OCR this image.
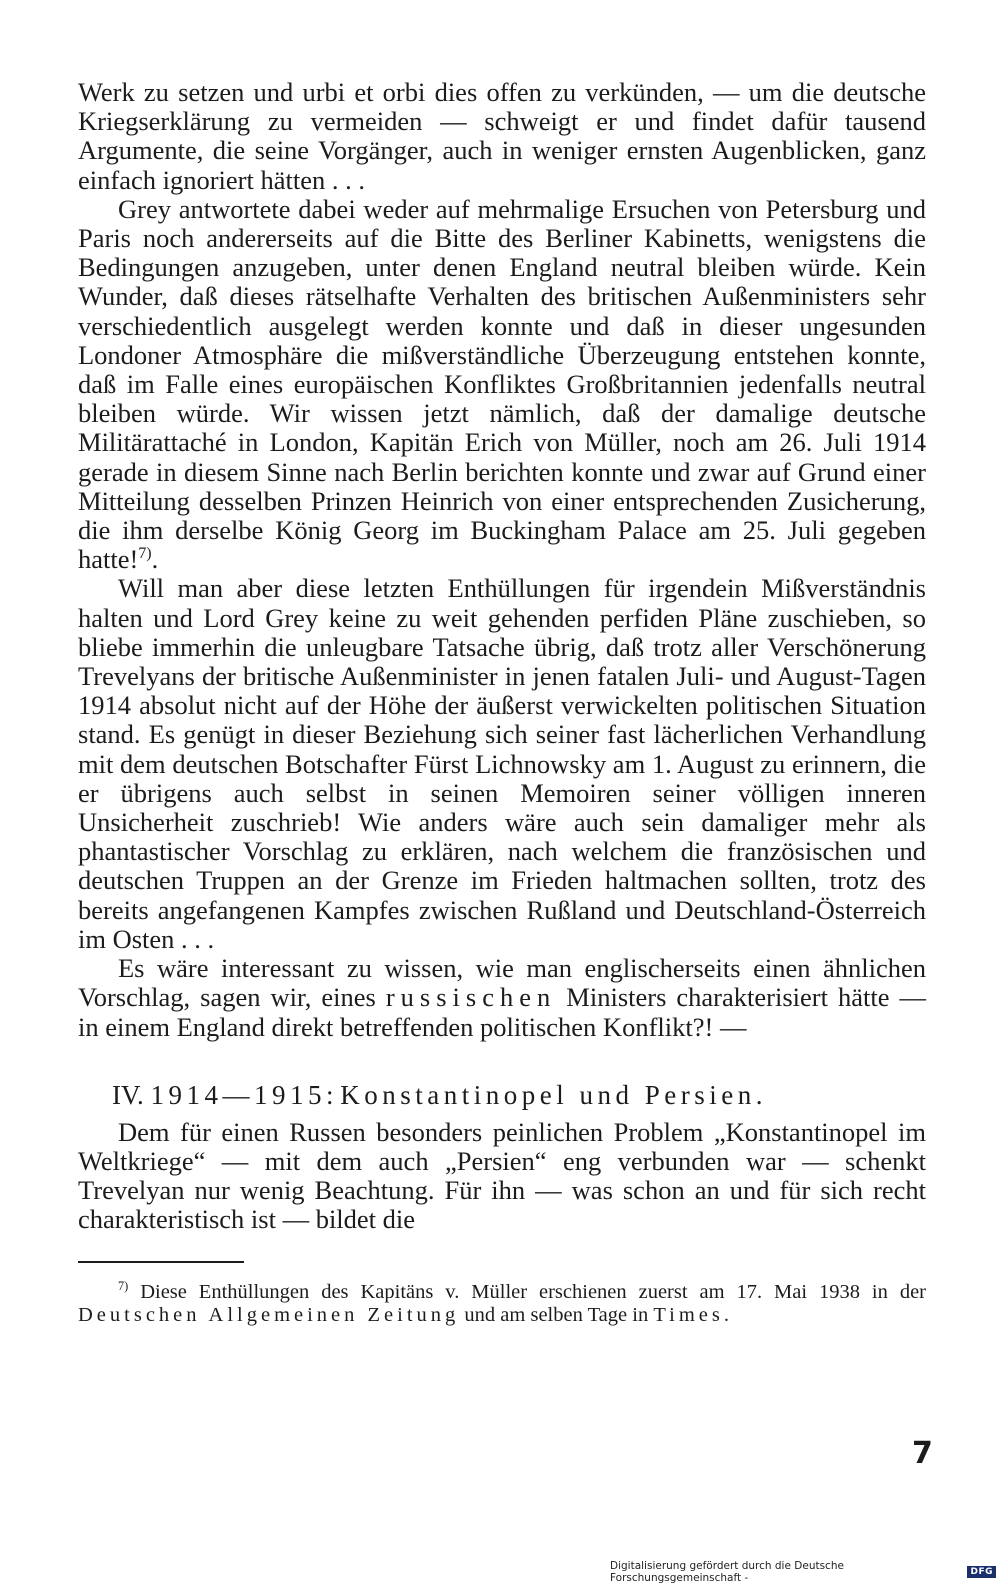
Werk zu setzen und urbi et orbi dies offen zu verkünden, — um die deutsche Kriegserklärung zu vermeiden — schweigt er und findet dafür tausend Argumente, die seine Vorgänger, auch in weniger ernsten Augenblicken, ganz einfach ignoriert hätten . . .

Grey antwortete dabei weder auf mehrmalige Ersuchen von Petersburg und Paris noch andererseits auf die Bitte des Berliner Kabinetts, wenigstens die Bedingungen anzugeben, unter denen England neutral bleiben würde. Kein Wunder, daß dieses rätselhafte Verhalten des britischen Außenministers sehr verschiedentlich ausgelegt werden konnte und daß in dieser ungesunden Londoner Atmosphäre die mißverständliche Überzeugung entstehen konnte, daß im Falle eines europäischen Konfliktes Großbritannien jedenfalls neutral bleiben würde. Wir wissen jetzt nämlich, daß der damalige deutsche Militärattaché in London, Kapitän Erich von Müller, noch am 26. Juli 1914 gerade in diesem Sinne nach Berlin berichten konnte und zwar auf Grund einer Mitteilung desselben Prinzen Heinrich von einer entsprechenden Zusicherung, die ihm derselbe König Georg im Buckingham Palace am 25. Juli gegeben hatte!$^{7)}$.

Will man aber diese letzten Enthüllungen für irgendein Mißverständnis halten und Lord Grey keine zu weit gehenden perfiden Pläne zuschieben, so bliebe immerhin die unleugbare Tatsache übrig, daß trotz aller Verschönerung Trevelyans der britische Außenminister in jenen fatalen Juli- und August-Tagen 1914 absolut nicht auf der Höhe der äußerst verwickelten politischen Situation stand. Es genügt in dieser Beziehung sich seiner fast lächerlichen Verhandlung mit dem deutschen Botschafter Fürst Lichnowsky am 1. August zu erinnern, die er übrigens auch selbst in seinen Memoiren seiner völligen inneren Unsicherheit zuschrieb! Wie anders wäre auch sein damaliger mehr als phantastischer Vorschlag zu erklären, nach welchem die französischen und deutschen Truppen an der Grenze im Frieden haltmachen sollten, trotz des bereits angefangenen Kampfes zwischen Rußland und Deutschland-Österreich im Osten . . .

Es wäre interessant zu wissen, wie man englischerseits einen ähnlichen Vorschlag, sagen wir, eines russischen Ministers charakterisiert hätte — in einem England direkt betreffenden politischen Konflikt?! —

IV. 1914—1915: Konstantinopel und Persien.

Dem für einen Russen besonders peinlichen Problem „Konstantinopel im Weltkriege“ — mit dem auch „Persien“ eng verbunden war — schenkt Trevelyan nur wenig Beachtung. Für ihn — was schon an und für sich recht charakteristisch ist — bildet die

$^{7)}$ Diese Enthüllungen des Kapitäns v. Müller erschienen zuerst am 17. Mai 1938 in der Deutschen Allgemeinen Zeitung und am selben Tage in Times.

7
Digitalisierung gefördert durch die Deutsche Forschungsgemeinschaft -	DFG
